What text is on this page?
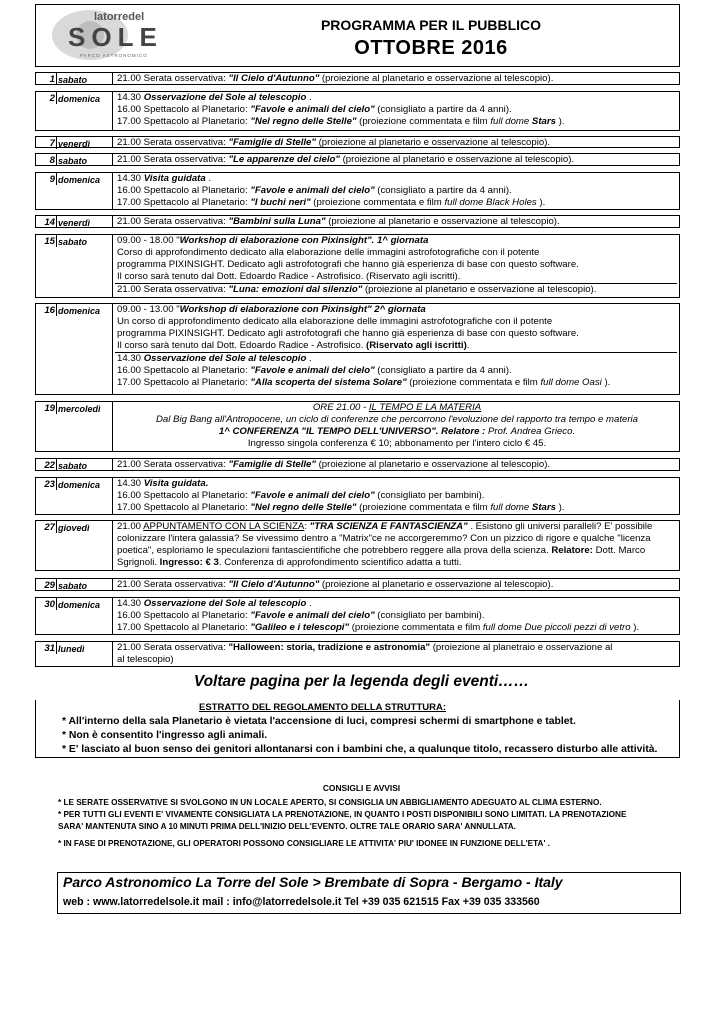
latorredel
SOLE
PARCO ASTRONOMICO
PROGRAMMA PER IL PUBBLICO
OTTOBRE 2016
1 sabato	21.00 Serata osservativa: "Il Cielo d'Autunno" (proiezione al planetario e osservazione al telescopio).
2 domenica 14.30 Osservazione del Sole al telescopio .
16.00 Spettacolo al Planetario: "Favole e animali del cielo" (consigliato a partire da 4 anni).
17.00 Spettacolo al Planetario: "Nel regno delle Stelle" (proiezione commentata e film full dome Stars ).
7 venerdì	21.00 Serata osservativa: "Famiglie di Stelle" (proiezione al planetario e osservazione al telescopio).
8 sabato	21.00 Serata osservativa: "Le apparenze del cielo" (proiezione al planetario e osservazione al telescopio).
9 domenica 14.30 Visita guidata .
16.00 Spettacolo al Planetario: "Favole e animali del cielo" (consigliato a partire da 4 anni).
17.00 Spettacolo al Planetario: "I buchi neri" (proiezione commentata e film full dome Black Holes ).
14 venerdì	21.00 Serata osservativa: "Bambini sulla Luna" (proiezione al planetario e osservazione al telescopio).
15 sabato	09.00 - 18.00 "Workshop di elaborazione con Pixinsight". 1^ giornata
Corso di approfondimento dedicato alla elaborazione delle immagini astrofotografiche con il potente
programma PIXINSIGHT. Dedicato agli astrofotografi che hanno già esperienza di base con questo software.
Il corso sarà tenuto dal Dott. Edoardo Radice - Astrofisico. (Riservato agli iscritti).
21.00 Serata osservativa: "Luna: emozioni dal silenzio" (proiezione al planetario e osservazione al telescopio).
16 domenica 09.00 - 13.00 "Workshop di elaborazione con Pixinsight" 2^ giornata
Un corso di approfondimento dedicato alla elaborazione delle immagini astrofotografiche con il potente
programma PIXINSIGHT. Dedicato agli astrofotografi che hanno già esperienza di base con questo software.
Il corso sarà tenuto dal Dott. Edoardo Radice - Astrofisico. (Riservato agli iscritti).
14.30 Osservazione del Sole al telescopio .
16.00 Spettacolo al Planetario: "Favole e animali del cielo" (consigliato a partire da 4 anni).
17.00 Spettacolo al Planetario: "Alla scoperta del sistema Solare" (proiezione commentata e film full dome Oasi ).
19 mercoledì	ORE 21.00 - IL TEMPO E LA MATERIA
Dal Big Bang all'Antropocene, un ciclo di conferenze che percorrono l'evoluzione del rapporto tra tempo e materia
1^ CONFERENZA "IL TEMPO DELL'UNIVERSO". Relatore : Prof. Andrea Grieco.
Ingresso singola conferenza € 10; abbonamento per l'intero ciclo € 45.
22 sabato	21.00 Serata osservativa: "Famiglie di Stelle" (proiezione al planetario e osservazione al telescopio).
23 domenica 14.30 Visita guidata.
16.00 Spettacolo al Planetario: "Favole e animali del cielo" (consigliato per bambini).
17.00 Spettacolo al Planetario: "Nel regno delle Stelle" (proiezione commentata e film full dome Stars ).
27 giovedì	21.00 APPUNTAMENTO CON LA SCIENZA: "TRA SCIENZA E FANTASCIENZA" . Esistono gli universi paralleli? E' possibile
colonizzare l'intera galassia? Se vivessimo dentro a "Matrix"ce ne accorgeremmo? Con un pizzico di rigore e qualche "licenza
poetica", esploriamo le speculazioni fantascientifiche che potrebbero reggere alla prova della scienza. Relatore: Dott. Marco
Sgrignoli. Ingresso: € 3. Conferenza di approfondimento scientifico adatta a tutti.
29 sabato	21.00 Serata osservativa: "Il Cielo d'Autunno" (proiezione al planetario e osservazione al telescopio).
30 domenica 14.30 Osservazione del Sole al telescopio .
16.00 Spettacolo al Planetario: "Favole e animali del cielo" (consigliato per bambini).
17.00 Spettacolo al Planetario: "Galileo e i telescopi" (proiezione commentata e film full dome Due piccoli pezzi di vetro ).
31 lunedì	21.00 Serata osservativa: "Halloween: storia, tradizione e astronomia" (proiezione al planetraio e osservazione al
al telescopio)
Voltare pagina per la legenda degli eventi……
ESTRATTO DEL REGOLAMENTO DELLA STRUTTURA:
* All'interno della sala Planetario è vietata l'accensione di luci, compresi schermi di smartphone e tablet.
* Non è consentito l'ingresso agli animali.
* E' lasciato al buon senso dei genitori allontanarsi con i bambini che, a qualunque titolo, recassero disturbo alle attività.
CONSIGLI E AVVISI
* LE SERATE OSSERVATIVE SI SVOLGONO IN UN LOCALE APERTO, SI CONSIGLIA UN ABBIGLIAMENTO ADEGUATO AL CLIMA ESTERNO.
* PER TUTTI GLI EVENTI E' VIVAMENTE CONSIGLIATA LA PRENOTAZIONE, IN QUANTO I POSTI DISPONIBILI SONO LIMITATI. LA PRENOTAZIONE
SARA' MANTENUTA SINO A 10 MINUTI PRIMA DELL'INIZIO DELL'EVENTO. OLTRE TALE ORARIO SARA' ANNULLATA.
* IN FASE DI PRENOTAZIONE, GLI OPERATORI POSSONO CONSIGLIARE LE ATTIVITA' PIU' IDONEE IN FUNZIONE DELL'ETA' .
Parco Astronomico La Torre del Sole > Brembate di Sopra - Bergamo - Italy
web : www.latorredelsole.it mail : info@latorredelsole.it Tel +39 035 621515 Fax +39 035 333560
